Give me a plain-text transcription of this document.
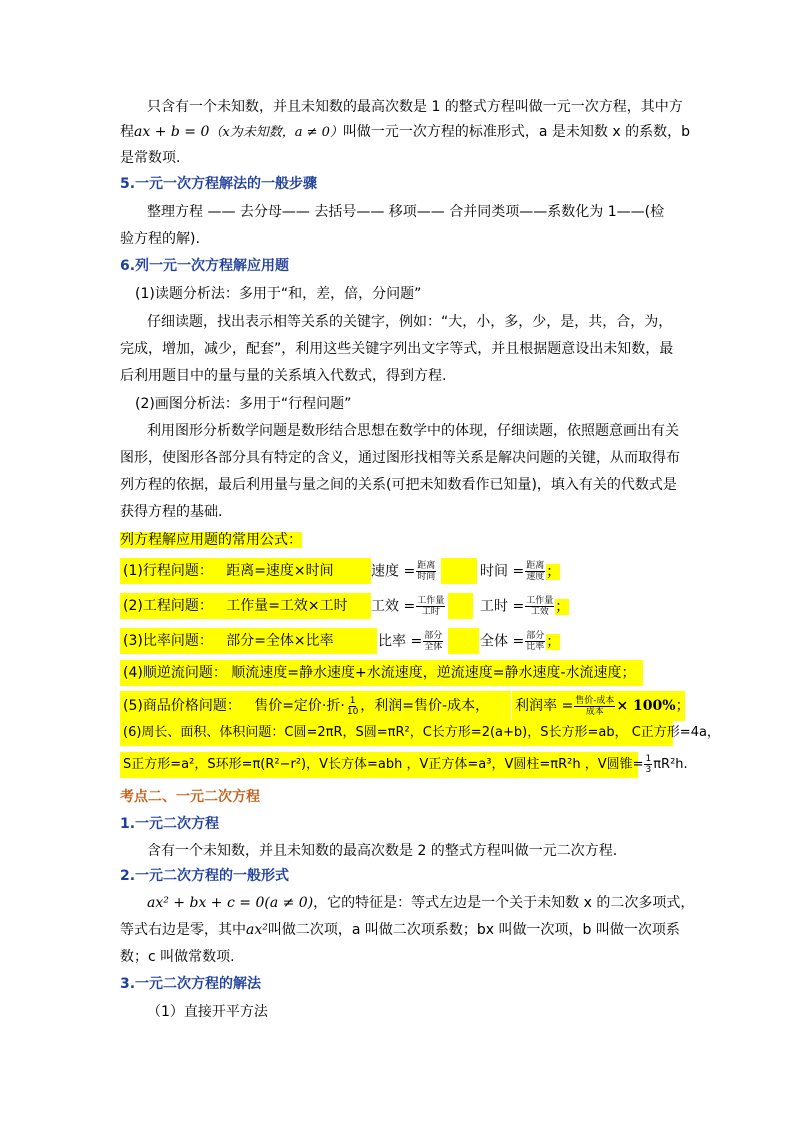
只含有一个未知数，并且未知数的最高次数是 1 的整式方程叫做一元一次方程，其中方
程ax + b = 0（x为未知数，a ≠ 0）叫做一元一次方程的标准形式，a 是未知数 x 的系数，b
是常数项.
5.一元一次方程解法的一般步骤
整理方程 —— 去分母—— 去括号—— 移项—— 合并同类项——系数化为 1——(检
验方程的解).
6.列一元一次方程解应用题
(1)读题分析法：多用于“和，差，倍，分问题”
仔细读题，找出表示相等关系的关键字，例如：“大，小，多，少，是，共，合，为，
完成，增加，减少，配套”，利用这些关键字列出文字等式，并且根据题意设出未知数，最
后利用题目中的量与量的关系填入代数式，得到方程.
(2)画图分析法：多用于“行程问题”
利用图形分析数学问题是数形结合思想在数学中的体现，仔细读题，依照题意画出有关
图形，使图形各部分具有特定的含义，通过图形找相等关系是解决问题的关键，从而取得布
列方程的依据，最后利用量与量之间的关系(可把未知数看作已知量)，填入有关的代数式是
获得方程的基础.
列方程解应用题的常用公式：
(1)行程问题： 距离=速度×时间	速度 = $\frac{\text{距离}}{\text{时间}}$	时间 = $\frac{\text{距离}}{\text{速度}}$ ；
(2)工程问题： 工作量=工效×工时	工效 = $\frac{\text{工作量}}{\text{工时}}$ 工时 = $\frac{\text{工作量}}{\text{工效}}$ ；
(3)比率问题： 部分=全体×比率	比率 = $\frac{\text{部分}}{\text{全体}}$	全体 = $\frac{\text{部分}}{\text{比率}}$ ；
(4)顺逆流问题： 顺流速度=静水速度+水流速度，逆流速度=静水速度-水流速度；
(5)商品价格问题： 售价=定价·折· $\frac{1}{10}$ ，利润=售价-成本，	利润率 = $\frac{\text{售价-成本}}{\text{成本}} \times 100\%$；
(6)周长、面积、体积问题：C圆=2πR，S圆=πR²，C长方形=2(a+b)，S长方形=ab， C正方形=4a，
S正方形=a²，S环形=π(R²−r²)，V长方体=abh ，V正方体=a³，V圆柱=πR²h ，V圆锥= $\frac{1}{3} \pi R^2h$.
考点二、一元二次方程
1.一元二次方程
含有一个未知数，并且未知数的最高次数是 2 的整式方程叫做一元二次方程.
2.一元二次方程的一般形式
ax² + bx + c = 0(a ≠ 0)，它的特征是：等式左边是一个关于未知数 x 的二次多项式，
等式右边是零，其中ax²叫做二次项，a 叫做二次项系数；bx 叫做一次项，b 叫做一次项系
数；c 叫做常数项.
3.一元二次方程的解法
（1）直接开平方法
